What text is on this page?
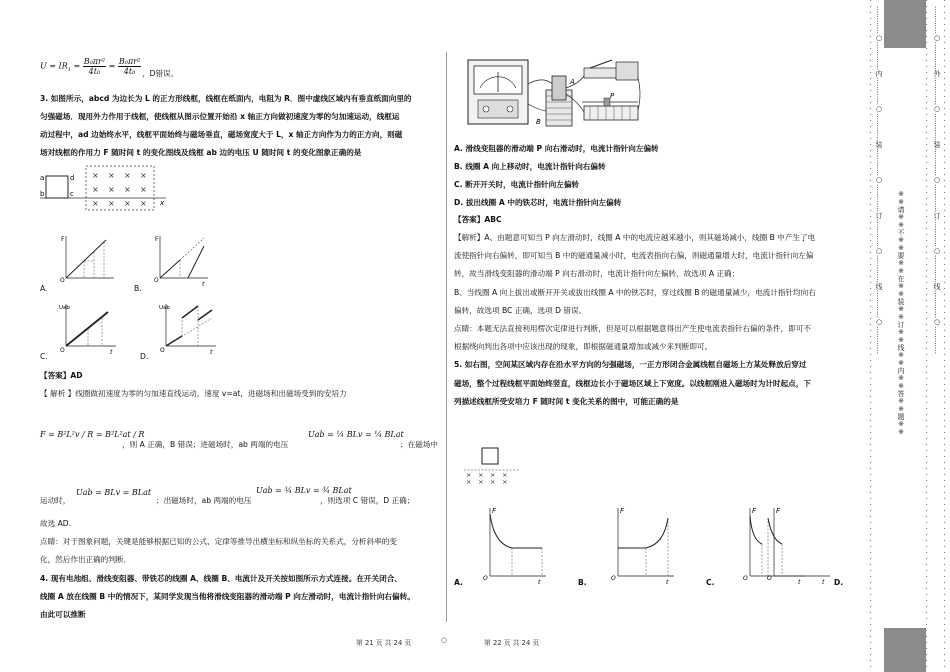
$U = IR_1 = \frac{\text{B₀πr²}}{\text{4t₀}} = \frac{\text{B₀πr²}}{\text{4t₀}}$ ，D错误。
3. 如图所示，abcd 为边长为 L 的正方形线框，线框在纸面内，电阻为 R．图中虚线区域内有垂直纸面向里的
匀强磁场．现用外力作用于线框，使线框从图示位置开始沿 x 轴正方向做初速度为零的匀加速运动，线框运
动过程中，ad 边始终水平，线框平面始终与磁场垂直，磁场宽度大于 L，x 轴正方向作为力的正方向，则磁
场对线框的作用力 F 随时间 t 的变化图线及线框 ab 边的电压 U 随时间 t 的变化图象正确的是
a
b	c
d × × × ×
× × × ×
× × × × x
F
O
A.
F
O
t
B.
Uab
O	t
C.
Uab
O	t
D.
【答案】AD
【 解析 】线圈做初速度为零的匀加速直线运动，速度 v=at，进磁场和出磁场受到的安培力
F = B²L²v / R = B²L²at / R
，则 A 正确，B 错误；进磁场时，ab 两端的电压
Uab = ¼ BLv = ¼ BLat
；在磁场中
运动时，
Uab = BLv = BLat
；出磁场时，ab 两端的电压
Uab = ¾ BLv = ¾ BLat
，则选项 C 错误，D 正确；
故选 AD.
点睛：对于图象问题，关键是能够根据已知的公式、定律等推导出横坐标和纵坐标的关系式，分析斜率的变
化，然后作出正确的判断．
4. 现有电池组、滑线变阻器、带铁芯的线圈 A、线圈 B、电流计及开关按如图所示方式连接。在开关闭合、
线圈 A 放在线圈 B 中的情况下，某同学发现当他将滑线变阻器的滑动端 P 向左滑动时，电流计指针向右偏转。
由此可以推断
A
B
P
A. 滑线变阻器的滑动端 P 向右滑动时，电流计指针向左偏转
B. 线圈 A 向上移动时，电流计指针向右偏转
C. 断开开关时，电流计指针向左偏转
D. 拔出线圈 A 中的铁芯时，电流计指针向左偏转
【答案】ABC
【解析】A、由题意可知当 P 向左滑动时，线圈 A 中的电流应越来越小，则其磁场减小，线圈 B 中产生了电
流使指针向右偏转，即可知当 B 中的磁通量减小时，电流表指向右偏，则磁通量增大时，电流计指针向左偏
转，故当滑线变阻器的滑动端 P 向右滑动时，电流计指针向左偏转，故选项 A 正确；
B、当线圈 A 向上拔出或断开开关或拔出线圈 A 中的铁芯时，穿过线圈 B 的磁通量减少，电流计指针均向右
偏转，故选项 BC 正确，选项 D 错误。
点睛：本题无法直接利用楞次定律进行判断，但是可以根据题意得出产生使电流表指针右偏的条件，即可不
根据绕向判出各项中应该出现的现象，即根据磁通量增加或减少来判断即可。
5. 如右图，空间某区域内存在沿水平方向的匀强磁场，一正方形闭合金属线框自磁场上方某处释放后穿过
磁场，整个过程线框平面始终竖直，线框边长小于磁场区域上下宽度。以线框刚进入磁场时为计时起点，下
列描述线框所受安培力 F 随时间 t 变化关系的图中，可能正确的是
× × × ×
× × × ×
F
O
t
A.
F
O
t
B.
F
O
t
C.
F
O
t D.
第 21 页 共 24 页	○	第 22 页 共 24 页
…………○…………内…………○…………装…………○…………订…………○…………线…………○…………	※※请※※不※※要※※在※※装※※订※※线※※内※※答※※题※※	…………○…………外…………○…………装…………○…………订…………○…………线…………○…………
